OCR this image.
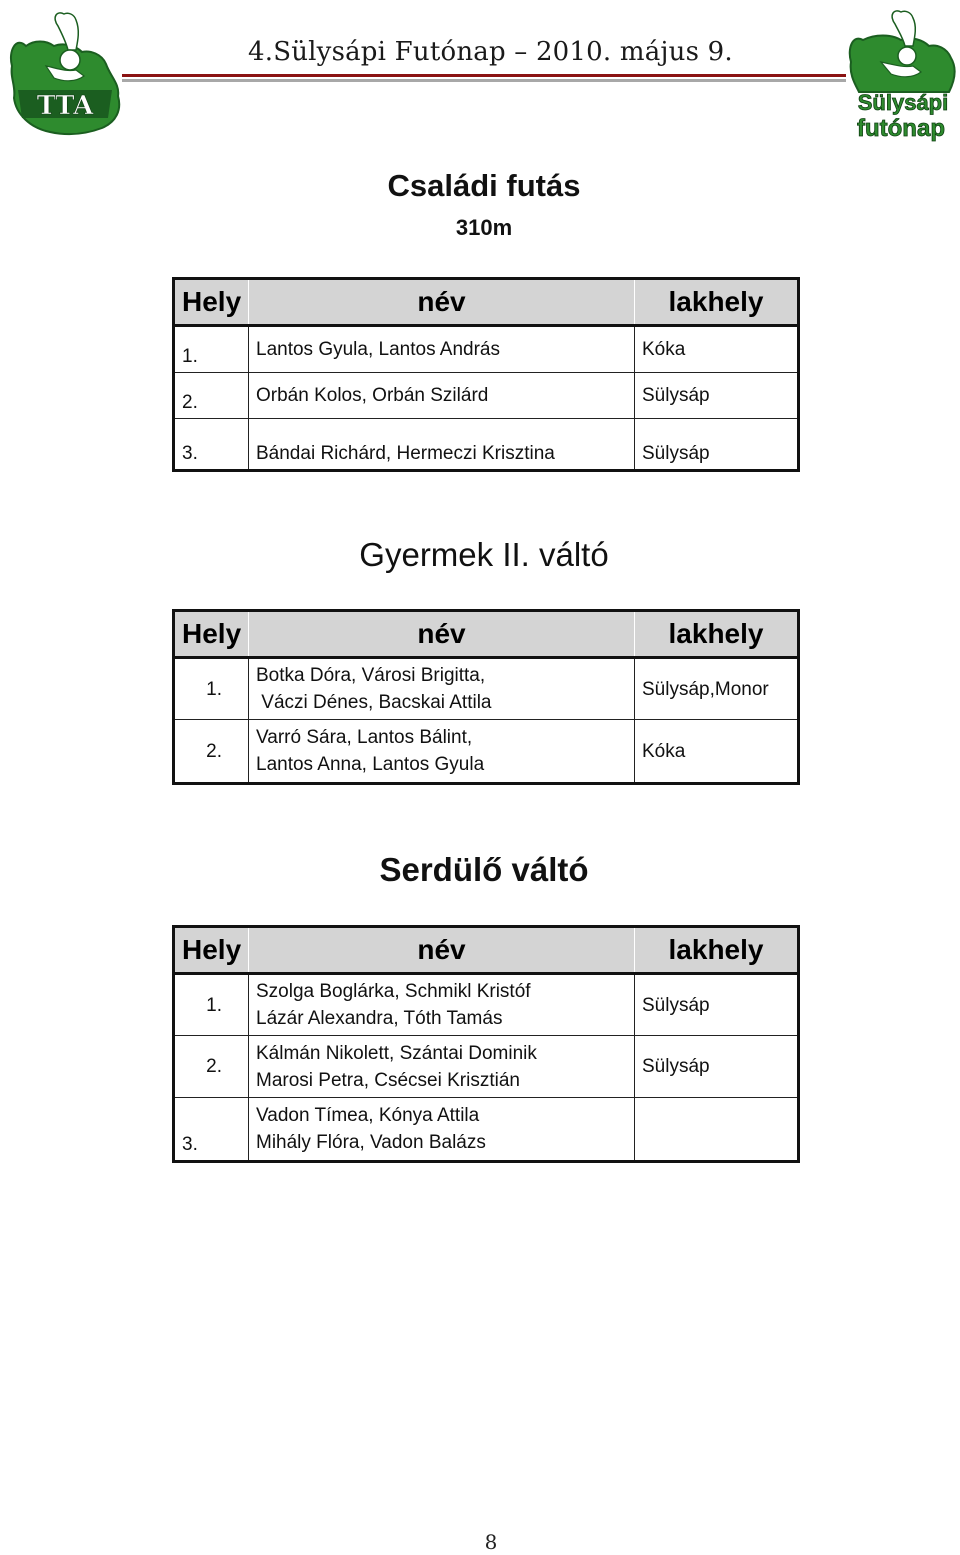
TTA	Sülysápi
futónap
4.Sülysápi Futónap – 2010. május 9.
Családi futás
310m
Hely	név	lakhely
1.	Lantos Gyula, Lantos András	Kóka
2.	Orbán Kolos, Orbán Szilárd	Sülysáp
3.	Bándai Richárd, Hermeczi Krisztina	Sülysáp
Gyermek II. váltó
Hely	név	lakhely
1.	Botka Dóra, Városi Brigitta,
Váczi Dénes, Bacskai Attila	Sülysáp,Monor
2.	Varró Sára, Lantos Bálint,
Lantos Anna, Lantos Gyula	Kóka
Serdülő váltó
Hely	név	lakhely
1.	Szolga Boglárka, Schmikl Kristóf
Lázár Alexandra, Tóth Tamás	Sülysáp
2.	Kálmán Nikolett, Szántai Dominik
Marosi Petra, Csécsei Krisztián	Sülysáp
3.	Vadon Tímea, Kónya Attila
Mihály Flóra, Vadon Balázs	

8
